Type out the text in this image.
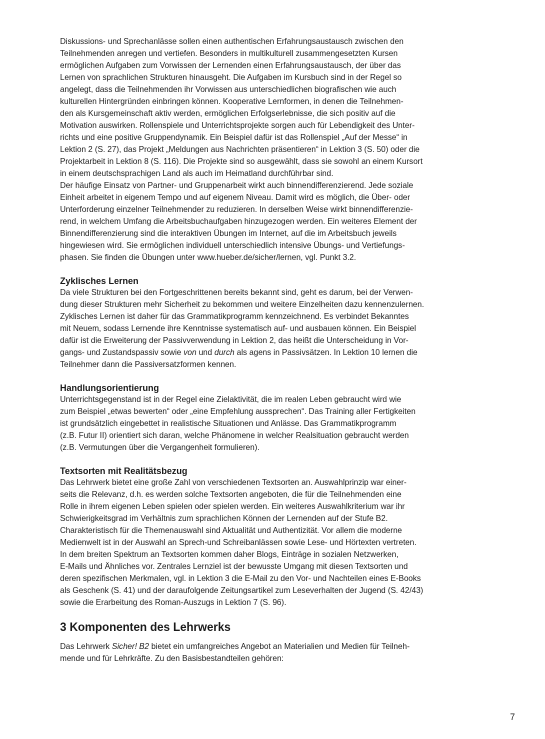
Diskussions- und Sprechanlässe sollen einen authentischen Erfahrungsaustausch zwischen den
Teilnehmenden anregen und vertiefen. Besonders in multikulturell zusammengesetzten Kursen
ermöglichen Aufgaben zum Vorwissen der Lernenden einen Erfahrungsaustausch, der über das
Lernen von sprachlichen Strukturen hinausgeht. Die Aufgaben im Kursbuch sind in der Regel so
angelegt, dass die Teilnehmenden ihr Vorwissen aus unterschiedlichen biografischen wie auch
kulturellen Hintergründen einbringen können. Kooperative Lernformen, in denen die Teilnehmen-
den als Kursgemeinschaft aktiv werden, ermöglichen Erfolgserlebnisse, die sich positiv auf die
Motivation auswirken. Rollenspiele und Unterrichtsprojekte sorgen auch für Lebendigkeit des Unter-
richts und eine positive Gruppendynamik. Ein Beispiel dafür ist das Rollenspiel „Auf der Messe“ in
Lektion 2 (S. 27), das Projekt „Meldungen aus Nachrichten präsentieren“ in Lektion 3 (S. 50) oder die
Projektarbeit in Lektion 8 (S. 116). Die Projekte sind so ausgewählt, dass sie sowohl an einem Kursort
in einem deutschsprachigen Land als auch im Heimatland durchführbar sind.
Der häufige Einsatz von Partner- und Gruppenarbeit wirkt auch binnendifferenzierend. Jede soziale
Einheit arbeitet in eigenem Tempo und auf eigenem Niveau. Damit wird es möglich, die Über- oder
Unterforderung einzelner Teilnehmender zu reduzieren. In derselben Weise wirkt binnendifferenzie-
rend, in welchem Umfang die Arbeitsbuchaufgaben hinzugezogen werden. Ein weiteres Element der
Binnendifferenzierung sind die interaktiven Übungen im Internet, auf die im Arbeitsbuch jeweils
hingewiesen wird. Sie ermöglichen individuell unterschiedlich intensive Übungs- und Vertiefungs-
phasen. Sie finden die Übungen unter www.hueber.de/sicher/lernen, vgl. Punkt 3.2.
Zyklisches Lernen
Da viele Strukturen bei den Fortgeschrittenen bereits bekannt sind, geht es darum, bei der Verwen-
dung dieser Strukturen mehr Sicherheit zu bekommen und weitere Einzelheiten dazu kennenzulernen.
Zyklisches Lernen ist daher für das Grammatikprogramm kennzeichnend. Es verbindet Bekanntes
mit Neuem, sodass Lernende ihre Kenntnisse systematisch auf- und ausbauen können. Ein Beispiel
dafür ist die Erweiterung der Passivverwendung in Lektion 2, das heißt die Unterscheidung in Vor-
gangs- und Zustandspassiv sowie von und durch als agens in Passivsätzen. In Lektion 10 lernen die
Teilnehmer dann die Passiversatzformen kennen.
Handlungsorientierung
Unterrichtsgegenstand ist in der Regel eine Zielaktivität, die im realen Leben gebraucht wird wie
zum Beispiel „etwas bewerten“ oder „eine Empfehlung aussprechen“. Das Training aller Fertigkeiten
ist grundsätzlich eingebettet in realistische Situationen und Anlässe. Das Grammatikprogramm
(z.B. Futur II) orientiert sich daran, welche Phänomene in welcher Realsituation gebraucht werden
(z.B. Vermutungen über die Vergangenheit formulieren).
Textsorten mit Realitätsbezug
Das Lehrwerk bietet eine große Zahl von verschiedenen Textsorten an. Auswahlprinzip war einer-
seits die Relevanz, d.h. es werden solche Textsorten angeboten, die für die Teilnehmenden eine
Rolle in ihrem eigenen Leben spielen oder spielen werden. Ein weiteres Auswahlkriterium war ihr
Schwierigkeitsgrad im Verhältnis zum sprachlichen Können der Lernenden auf der Stufe B2.
Charakteristisch für die Themenauswahl sind Aktualität und Authentizität. Vor allem die moderne
Medienwelt ist in der Auswahl an Sprech-und Schreibanlässen sowie Lese- und Hörtexten vertreten.
In dem breiten Spektrum an Textsorten kommen daher Blogs, Einträge in sozialen Netzwerken,
E-Mails und Ähnliches vor. Zentrales Lernziel ist der bewusste Umgang mit diesen Textsorten und
deren spezifischen Merkmalen, vgl. in Lektion 3 die E-Mail zu den Vor- und Nachteilen eines E-Books
als Geschenk (S. 41) und der daraufolgende Zeitungsartikel zum Leseverhalten der Jugend (S. 42/43)
sowie die Erarbeitung des Roman-Auszugs in Lektion 7 (S. 96).
3 Komponenten des Lehrwerks
Das Lehrwerk Sicher! B2 bietet ein umfangreiches Angebot an Materialien und Medien für Teilneh-
mende und für Lehrkräfte. Zu den Basisbestandteilen gehören:
7
